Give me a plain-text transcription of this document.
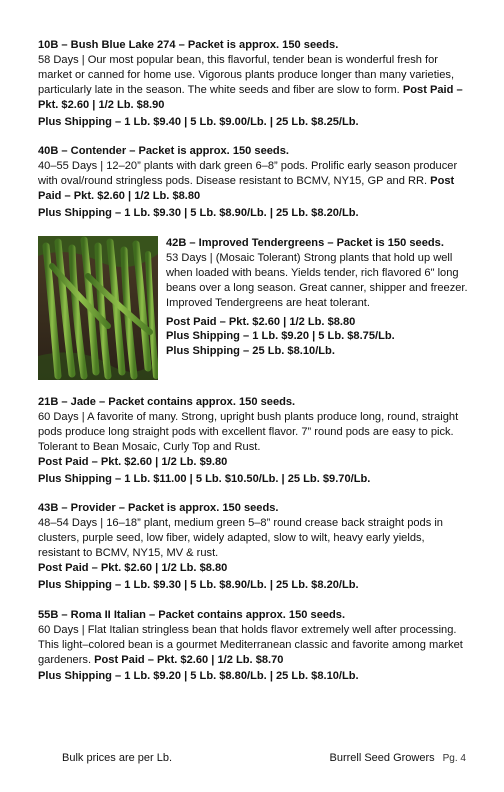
10B – Bush Blue Lake 274 – Packet is approx. 150 seeds.
58 Days | Our most popular bean, this flavorful, tender bean is wonderful fresh for market or canned for home use. Vigorous plants produce longer than many varieties, particularly late in the season. The white seeds and fiber are slow to form. Post Paid – Pkt. $2.60 | 1/2 Lb. $8.90
Plus Shipping – 1 Lb. $9.40 | 5 Lb. $9.00/Lb. | 25 Lb. $8.25/Lb.
40B – Contender – Packet is approx. 150 seeds.
40–55 Days | 12–20” plants with dark green 6–8” pods. Prolific early season producer with oval/round stringless pods. Disease resistant to BCMV, NY15, GP and RR. Post Paid – Pkt. $2.60 | 1/2 Lb. $8.80
Plus Shipping – 1 Lb. $9.30 | 5 Lb. $8.90/Lb. | 25 Lb. $8.20/Lb.
42B – Improved Tendergreens – Packet is 150 seeds.
53 Days | (Mosaic Tolerant) Strong plants that hold up well when loaded with beans. Yields tender, rich flavored 6" long beans over a long season. Great canner, shipper and freezer. Improved Tendergreens are heat tolerant.
Post Paid – Pkt. $2.60 | 1/2 Lb. $8.80
Plus Shipping – 1 Lb. $9.20 | 5 Lb. $8.75/Lb.
Plus Shipping – 25 Lb. $8.10/Lb.
21B – Jade – Packet contains approx. 150 seeds.
60 Days | A favorite of many. Strong, upright bush plants produce long, round, straight pods produce long straight pods with excellent flavor. 7” round pods are easy to pick. Tolerant to Bean Mosaic, Curly Top and Rust.
Post Paid – Pkt. $2.60 | 1/2 Lb. $9.80
Plus Shipping – 1 Lb. $11.00 | 5 Lb. $10.50/Lb. | 25 Lb. $9.70/Lb.
43B – Provider – Packet is approx. 150 seeds.
48–54 Days | 16–18” plant, medium green 5–8” round crease back straight pods in clusters, purple seed, low fiber, widely adapted, slow to wilt, heavy early yields, resistant to BCMV, NY15, MV & rust.
Post Paid – Pkt. $2.60 | 1/2 Lb. $8.80
Plus Shipping – 1 Lb. $9.30 | 5 Lb. $8.90/Lb. | 25 Lb. $8.20/Lb.
55B – Roma II Italian – Packet contains approx. 150 seeds.
60 Days | Flat Italian stringless bean that holds flavor extremely well after processing. This light–colored bean is a gourmet Mediterranean classic and favorite among market gardeners. Post Paid – Pkt. $2.60 | 1/2 Lb. $8.70
Plus Shipping – 1 Lb. $9.20 | 5 Lb. $8.80/Lb. | 25 Lb. $8.10/Lb.
Bulk prices are per Lb.	Burrell Seed Growers Pg. 4
